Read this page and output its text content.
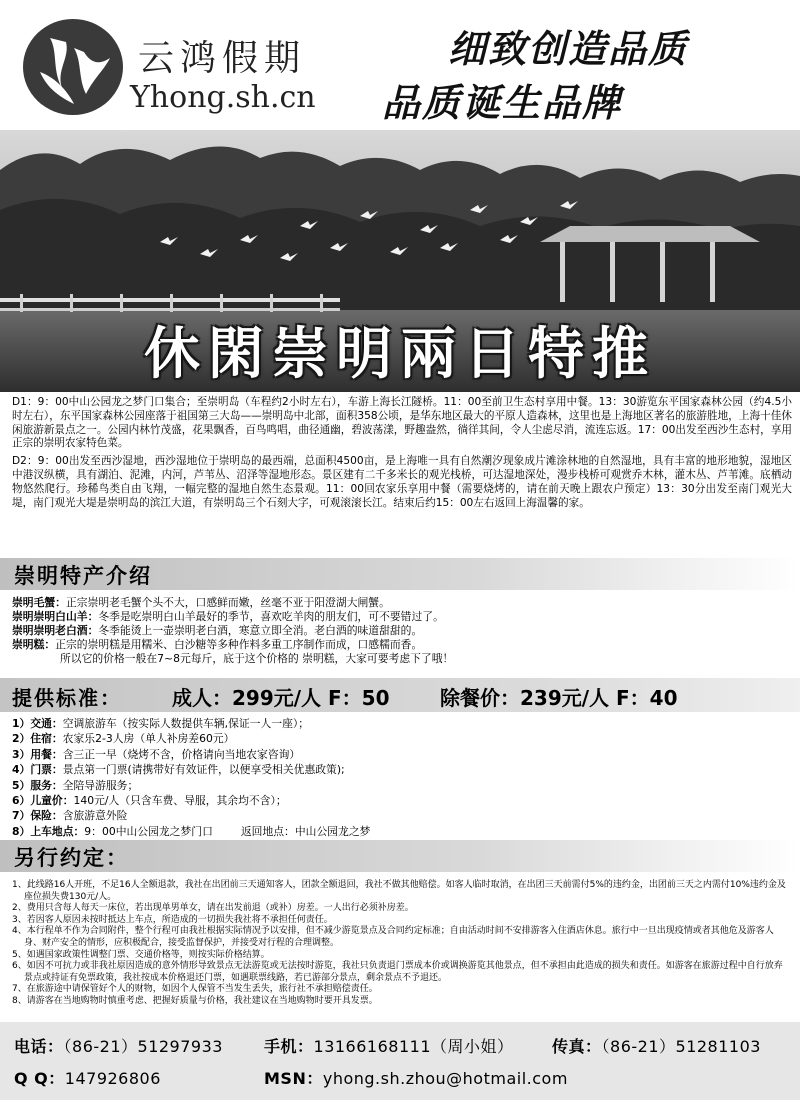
云鸿假期
Yhong.sh.cn
细致创造品质
品质诞生品牌
休閑崇明兩日特推

D1：9：00中山公园龙之梦门口集合；至崇明岛（车程约2小时左右），车游上海长江隧桥。11：00至前卫生态村享用中餐。13：30游览东平国家森林公园（约4.5小时左右），东平国家森林公园座落于祖国第三大岛——崇明岛中北部，面积358公顷，是华东地区最大的平原人造森林，这里也是上海地区著名的旅游胜地，上海十佳休闲旅游新景点之一。公园内林竹茂盛，花果飘香，百鸟鸣唱，曲径通幽，碧波荡漾，野趣盎然，徜徉其间，令人尘虑尽消，流连忘返。17：00出发至西沙生态村，享用正宗的崇明农家特色菜。

D2：9：00出发至西沙湿地，西沙湿地位于崇明岛的最西端，总面积4500亩，是上海唯一具有自然潮汐现象成片滩涂林地的自然湿地，具有丰富的地形地貌，湿地区中港汊纵横，具有湖泊、泥滩，内河，芦苇丛、沼泽等湿地形态。景区建有二千多米长的观光栈桥，可达湿地深处，漫步栈桥可观赏乔木林，灌木丛、芦苇滩。底栖动物悠然爬行。珍稀鸟类自由飞翔，一幅完整的湿地自然生态景观。11：00回农家乐享用中餐（需要烧烤的，请在前天晚上跟农户预定）13：30分出发至南门观光大堤，南门观光大堤是崇明岛的滨江大道，有崇明岛三个石刻大字，可观滚滚长江。结束后约15：00左右返回上海温馨的家。

崇明特产介绍
崇明毛蟹：正宗崇明老毛蟹个头不大，口感鲜而嫩，丝毫不亚于阳澄湖大闸蟹。
崇明崇明白山羊：冬季是吃崇明白山羊最好的季节，喜欢吃羊肉的朋友们，可不要错过了。
崇明崇明老白酒：冬季能烫上一壶崇明老白酒，寒意立即全消。老白酒的味道甜甜的。
崇明糕：正宗的崇明糕是用糯米、白沙糖等多种作料多重工序制作而成，口感糯而香。
所以它的价格一般在7~8元每斤，底于这个价格的 崇明糕，大家可要考虑下了哦！
提供标准：	成人：299元/人 F：50	除餐价：239元/人 F：40
1）交通：空调旅游车（按实际人数提供车辆,保证一人一座）；
2）住宿：农家乐2-3人房（单人补房差60元）
3）用餐：含三正一早（烧烤不含，价格请向当地农家咨询）
4）门票：景点第一门票(请携带好有效证件，以便享受相关优惠政策);
5）服务：全陪导游服务；
6）儿童价：140元/人（只含车费、导服，其余均不含）；
7）保险：含旅游意外险
8）上车地点：9：00中山公园龙之梦门口	返回地点：中山公园龙之梦
另行约定：

1、此线路16人开班，不足16人全额退款，我社在出团前三天通知客人，团款全额退回，我社不做其他赔偿。如客人临时取消，在出团三天前需付5%的违约金，出团前三天之内需付10%违约金及座位损失费130元/人。

2、费用只含每人每天一床位，若出现单男单女，请在出发前退（或补）房差。一人出行必须补房差。

3、若因客人原因未按时抵达上车点，所造成的一切损失我社将不承担任何责任。

4、本行程单不作为合同附件，整个行程可由我社根据实际情况予以安排，但不减少游览景点及合同约定标准；自由活动时间不安排游客入住酒店休息。旅行中一旦出现疫情或者其他危及游客人身、财产安全的情形，应积极配合，接受监督保护，并接受对行程的合理调整。

5、如遇国家政策性调整门票、交通价格等，则按实际价格结算。

6、如因不可抗力或非我社原因造成的意外情形导致景点无法游览或无法按时游览，我社只负责退门票成本价或调换游览其他景点，但不承担由此造成的损失和责任。如游客在旅游过程中自行放弃景点或持证有免票政策，我社按成本价格退还门票，如遇联票线路，若已游部分景点，剩余景点不予退还。

7、在旅游途中请保管好个人的财物，如因个人保管不当发生丢失，旅行社不承担赔偿责任。

8、请游客在当地购物时慎重考虑、把握好质量与价格，我社建议在当地购物时要开具发票。

电话：（86-21）51297933	手机：13166168111（周小姐） 传真：（86-21）51281103
Q Q：147926806	MSN：yhong.sh.zhou@hotmail.com
